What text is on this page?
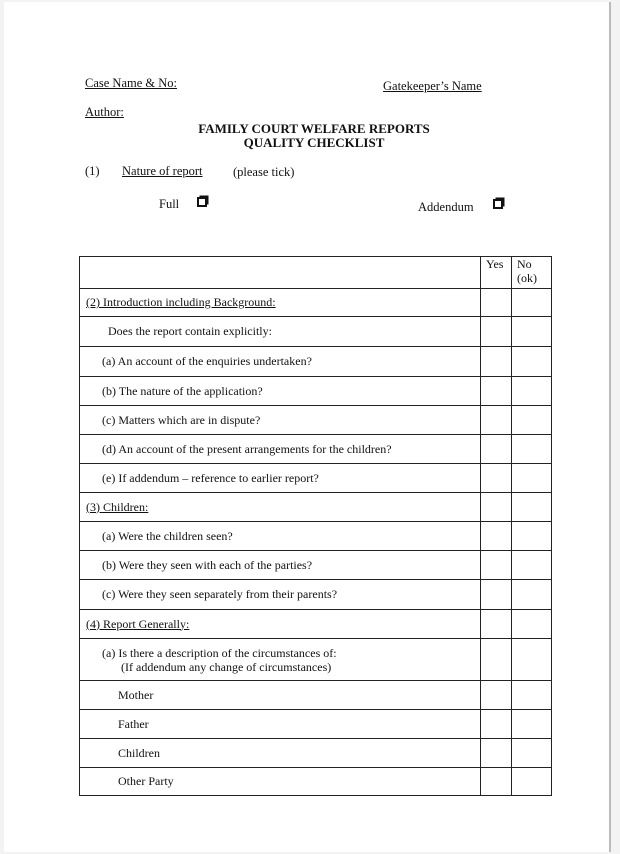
Case Name & No:	Gatekeeper’s Name
Author:
FAMILY COURT WELFARE REPORTS
QUALITY CHECKLIST
(1) Nature of report (please tick)
Full	Addendum
	Yes	No (ok)
(2) Introduction including Background:		
Does the report contain explicitly:		
(a) An account of the enquiries undertaken?		
(b) The nature of the application?		
(c) Matters which are in dispute?		
(d) An account of the present arrangements for the children?		
(e) If addendum – reference to earlier report?		
(3) Children:		
(a) Were the children seen?		
(b) Were they seen with each of the parties?		
(c) Were they seen separately from their parents?		
(4) Report Generally:		

(a) Is there a description of the circumstances of:
(If addendum any change of circumstances)		

Mother		
Father		
Children		
Other Party		
